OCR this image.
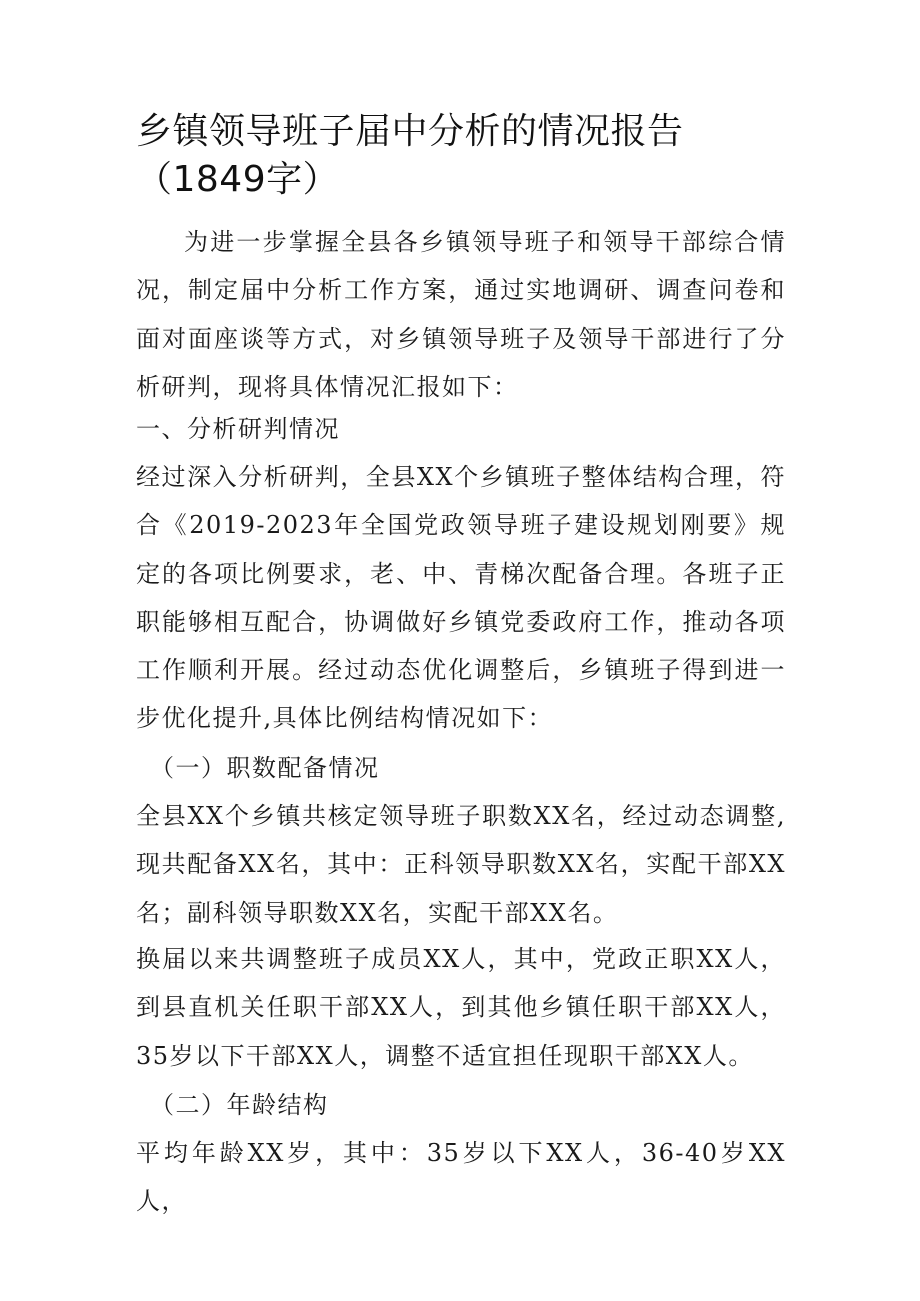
乡镇领导班子届中分析的情况报告（1849字）

为进一步掌握全县各乡镇领导班子和领导干部综合情况，制定届中分析工作方案，通过实地调研、调查问卷和面对面座谈等方式，对乡镇领导班子及领导干部进行了分析研判，现将具体情况汇报如下：

一、分析研判情况

经过深入分析研判，全县XX个乡镇班子整体结构合理，符合《2019-2023年全国党政领导班子建设规划刚要》规定的各项比例要求，老、中、青梯次配备合理。各班子正职能够相互配合，协调做好乡镇党委政府工作，推动各项工作顺利开展。经过动态优化调整后，乡镇班子得到进一步优化提升,具体比例结构情况如下：

（一）职数配备情况

全县XX个乡镇共核定领导班子职数XX名，经过动态调整,现共配备XX名，其中：正科领导职数XX名，实配干部XX名；副科领导职数XX名，实配干部XX名。

换届以来共调整班子成员XX人，其中，党政正职XX人，到县直机关任职干部XX人，到其他乡镇任职干部XX人，35岁以下干部XX人，调整不适宜担任现职干部XX人。

（二）年龄结构

平均年龄XX岁，其中：35岁以下XX人，36-40岁XX人，
